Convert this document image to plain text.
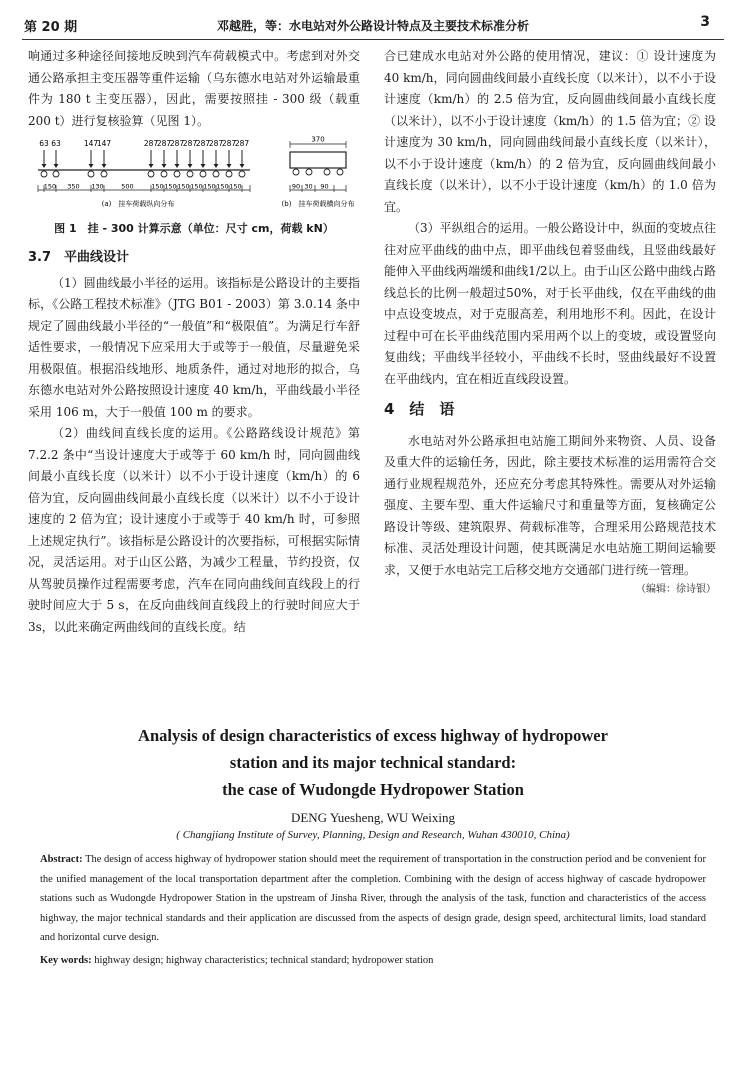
第 20 期	邓越胜，等：水电站对外公路设计特点及主要技术标准分析	3

响通过多种途径间接地反映到汽车荷载模式中。考虑到对外交通公路承担主变压器等重件运输（乌东德水电站对外运输最重件为 180 t 主变压器），因此，需要按照挂 - 300 级（载重 200 t）进行复核验算（见图 1）。

63 63	147
147	287
287
287
287
287
287
287
287
150 350 130	500	150 150 150 150 150 150 150
(a)　挂车荷载纵向分布
370
90 30 90
(b)　挂车荷载横向分布
图 1　挂 - 300 计算示意（单位：尺寸 cm，荷载 kN）
3.7　平曲线设计

（1）圆曲线最小半径的运用。该指标是公路设计的主要指标，《公路工程技术标准》（JTG B01 - 2003）第 3.0.14 条中规定了圆曲线最小半径的“一般值”和“极限值”。为满足行车舒适性要求，一般情况下应采用大于或等于一般值，尽量避免采用极限值。根据沿线地形、地质条件，通过对地形的拟合，乌东德水电站对外公路按照设计速度 40 km/h，平曲线最小半径采用 106 m，大于一般值 100 m 的要求。

（2）曲线间直线长度的运用。《公路路线设计规范》第 7.2.2 条中“当设计速度大于或等于 60 km/h 时，同向圆曲线间最小直线长度（以米计）以不小于设计速度（km/h）的 6 倍为宜，反向圆曲线间最小直线长度（以米计）以不小于设计速度的 2 倍为宜；设计速度小于或等于 40 km/h 时，可参照上述规定执行”。该指标是公路设计的次要指标，可根据实际情况，灵活运用。对于山区公路，为减少工程量，节约投资，仅从驾驶员操作过程需要考虑，汽车在同向曲线间直线段上的行驶时间应大于 5 s，在反向曲线间直线段上的行驶时间应大于3s，以此来确定两曲线间的直线长度。结

合已建成水电站对外公路的使用情况，建议：① 设计速度为 40 km/h，同向圆曲线间最小直线长度（以米计），以不小于设计速度（km/h）的 2.5 倍为宜，反向圆曲线间最小直线长度（以米计），以不小于设计速度（km/h）的 1.5 倍为宜；② 设计速度为 30 km/h，同向圆曲线间最小直线长度（以米计），以不小于设计速度（km/h）的 2 倍为宜，反向圆曲线间最小直线长度（以米计），以不小于设计速度（km/h）的 1.0 倍为宜。

（3）平纵组合的运用。一般公路设计中，纵面的变坡点往往对应平曲线的曲中点，即平曲线包着竖曲线，且竖曲线最好能伸入平曲线两端缓和曲线1/2以上。由于山区公路中曲线占路线总长的比例一般超过50%，对于长平曲线，仅在平曲线的曲中点设变坡点，对于克服高差，利用地形不利。因此，在设计过程中可在长平曲线范围内采用两个以上的变坡，或设置竖向复曲线；平曲线半径较小，平曲线不长时，竖曲线最好不设置在平曲线内，宜在相近直线段设置。

4　结　语

水电站对外公路承担电站施工期间外来物资、人员、设备及重大件的运输任务，因此，除主要技术标准的运用需符合交通行业规程规范外，还应充分考虑其特殊性。需要从对外运输强度、主要车型、重大件运输尺寸和重量等方面，复核确定公路设计等级、建筑限界、荷载标准等，合理采用公路规范技术标准、灵活处理设计问题，使其既满足水电站施工期间运输要求，又便于水电站完工后移交地方交通部门进行统一管理。

（编辑：徐诗银）
Analysis of design characteristics of excess highway of hydropower
station and its major technical standard:
the case of Wudongde Hydropower Station
DENG Yuesheng, WU Weixing
( Changjiang Institute of Survey, Planning, Design and Research, Wuhan 430010, China)
Abstract: The design of access highway of hydropower station should meet the requirement of transportation in the construction period and be convenient for the unified management of the local transportation department after the completion. Combining with the design of access highway of cascade hydropower stations such as Wudongde Hydropower Station in the upstream of Jinsha River, through the analysis of the task, function and characteristics of the access highway, the major technical standards and their application are discussed from the aspects of design grade, design speed, architectural limits, load standard and horizontal curve design.
Key words: highway design; highway characteristics; technical standard; hydropower station
